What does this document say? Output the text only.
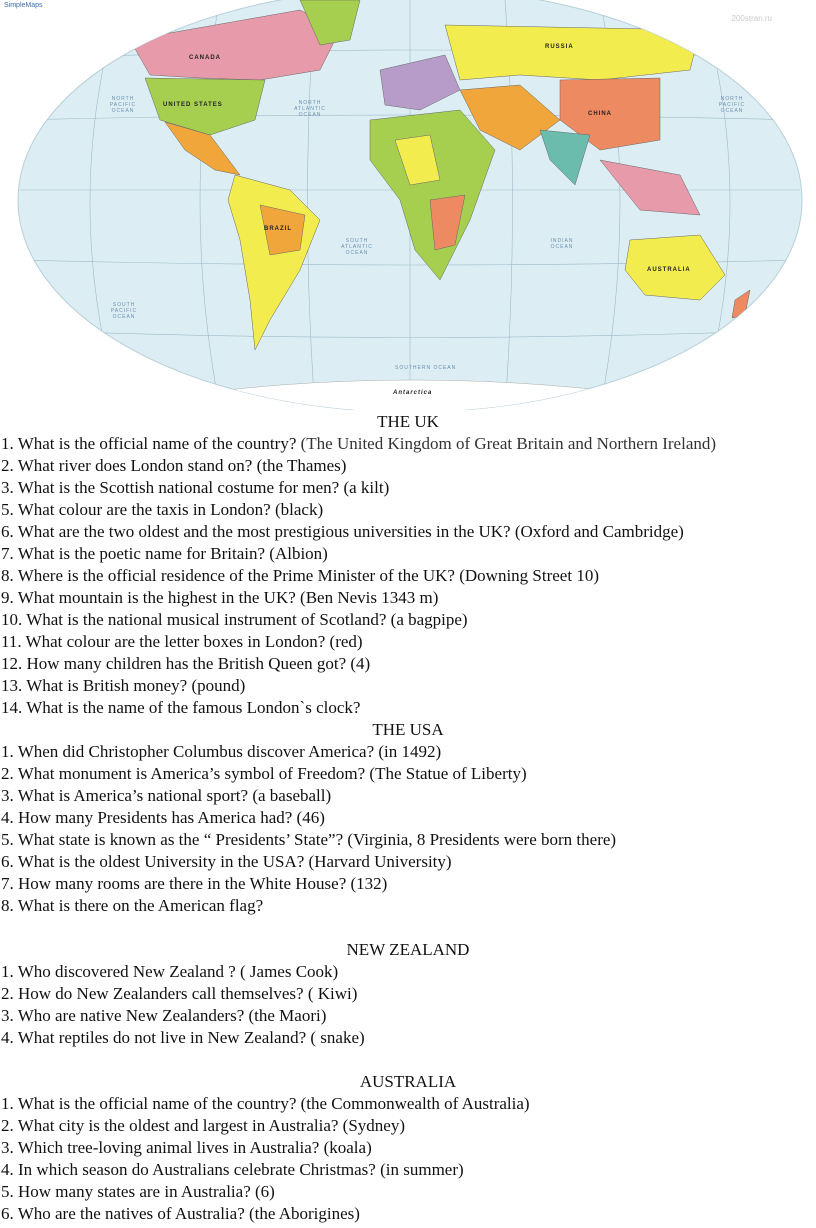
SimpleMaps
200stran.ru
CANADA
UNITED STATES
RUSSIA
CHINA
BRAZIL
AUSTRALIA
Antarctica
NORTH PACIFIC OCEAN
NORTH ATLANTIC OCEAN
SOUTH PACIFIC OCEAN
SOUTH ATLANTIC OCEAN
INDIAN OCEAN
NORTH PACIFIC OCEAN
SOUTHERN OCEAN
THE UK
1. What is the official name of the country? (The United Kingdom of Great Britain and Northern Ireland)
2. What river does London stand on? (the Thames)
3. What is the Scottish national costume for men? (a kilt)
5. What colour are the taxis in London? (black)
6. What are the two oldest and the most prestigious universities in the UK? (Oxford and Cambridge)
7. What is the poetic name for Britain? (Albion)
8. Where is the official residence of the Prime Minister of the UK? (Downing Street 10)
9. What mountain is the highest in the UK? (Ben Nevis 1343 m)
10. What is the national musical instrument of Scotland? (a bagpipe)
11. What colour are the letter boxes in London? (red)
12. How many children has the British Queen got? (4)
13. What is British money? (pound)
14. What is the name of the famous London`s clock?
THE USA
1. When did Christopher Columbus discover America? (in 1492)
2. What monument is America’s symbol of Freedom? (The Statue of Liberty)
3. What is America’s national sport? (a baseball)
4. How many Presidents has America had? (46)
5. What state is known as the “ Presidents’ State”? (Virginia, 8 Presidents were born there)
6. What is the oldest University in the USA? (Harvard University)
7. How many rooms are there in the White House? (132)
8. What is there on the American flag?
NEW ZEALAND
1. Who discovered New Zealand ? ( James Cook)
2. How do New Zealanders call themselves? ( Kiwi)
3. Who are native New Zealanders? (the Maori)
4. What reptiles do not live in New Zealand? ( snake)
AUSTRALIA
1. What is the official name of the country? (the Commonwealth of Australia)
2. What city is the oldest and largest in Australia? (Sydney)
3. Which tree-loving animal lives in Australia? (koala)
4. In which season do Australians celebrate Christmas? (in summer)
5. How many states are in Australia? (6)
6. Who are the natives of Australia? (the Aborigines)
